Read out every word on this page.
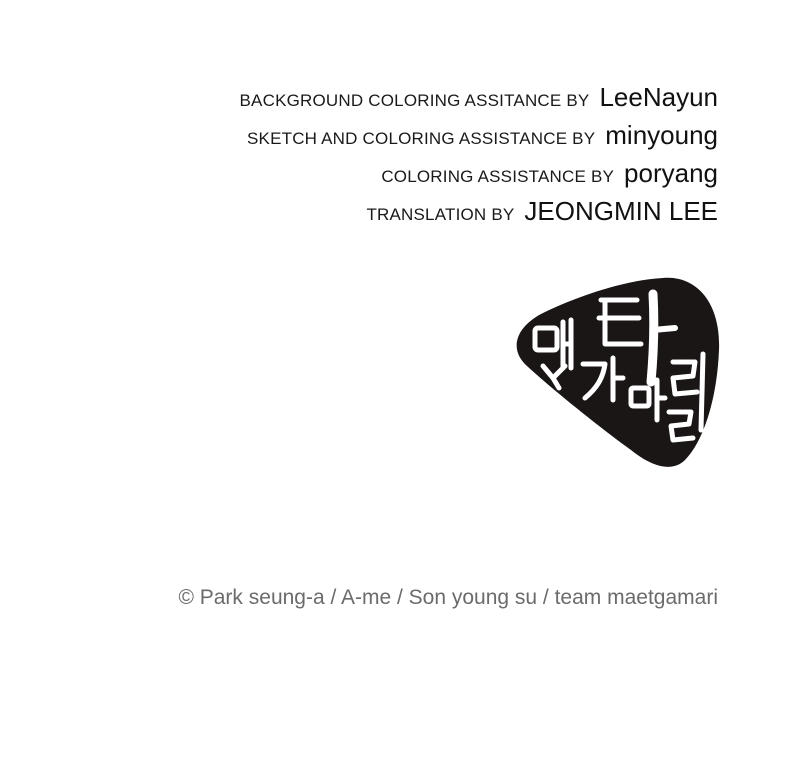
BACKGROUND COLORING ASSITANCE BY LeeNayun
SKETCH AND COLORING ASSISTANCE BY minyoung
COLORING ASSISTANCE BY poryang
TRANSLATION BY JEONGMIN LEE
© Park seung-a / A-me / Son young su / team maetgamari
